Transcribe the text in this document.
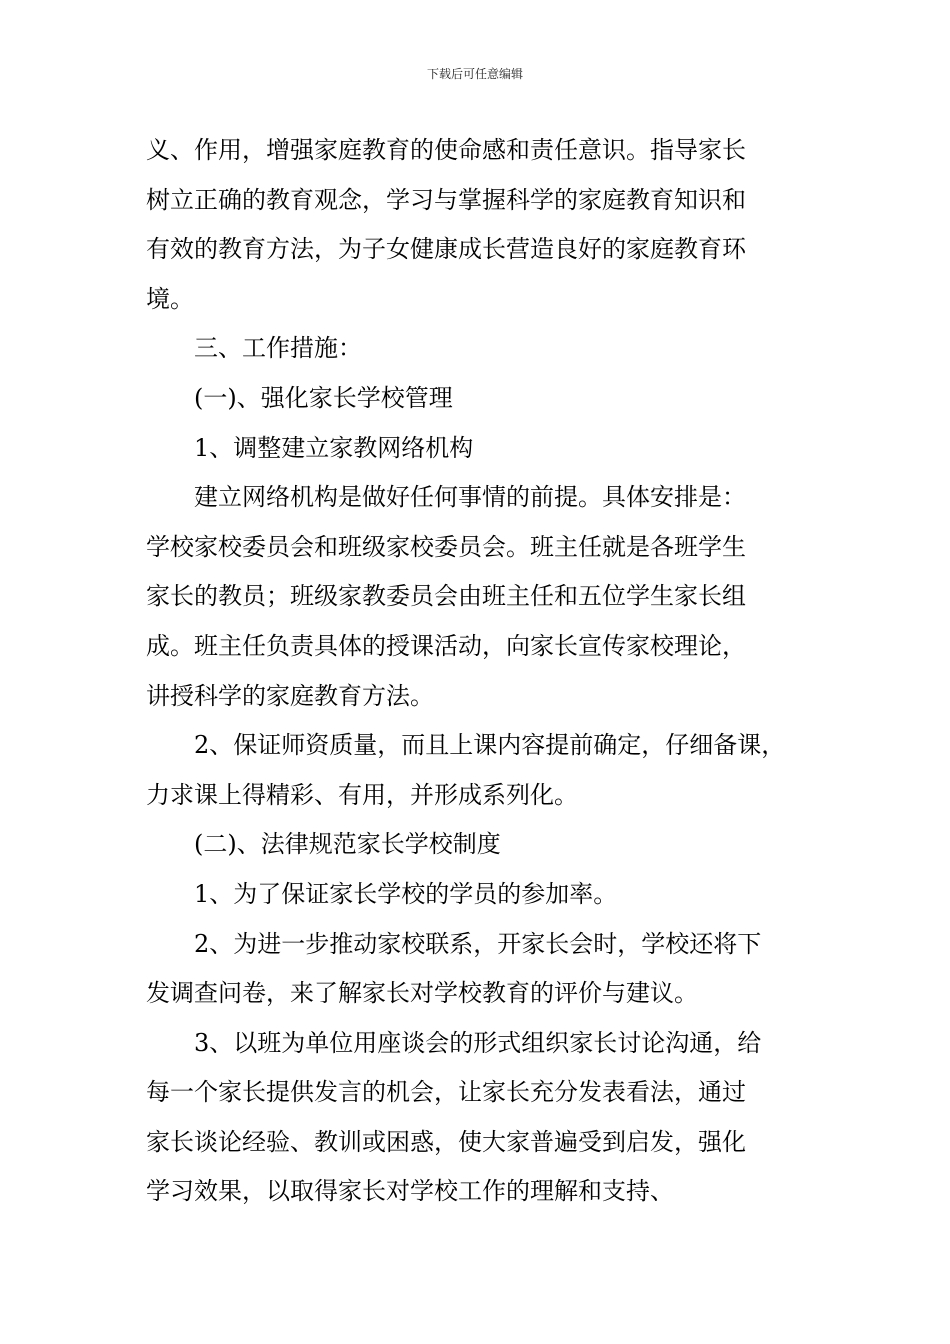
下载后可任意编辑
义、作用，增强家庭教育的使命感和责任意识。指导家长
树立正确的教育观念，学习与掌握科学的家庭教育知识和
有效的教育方法，为子女健康成长营造良好的家庭教育环
境。
三、工作措施：
(一)、强化家长学校管理
1、调整建立家教网络机构
建立网络机构是做好任何事情的前提。具体安排是：
学校家校委员会和班级家校委员会。班主任就是各班学生
家长的教员；班级家教委员会由班主任和五位学生家长组
成。班主任负责具体的授课活动，向家长宣传家校理论，
讲授科学的家庭教育方法。
2、保证师资质量，而且上课内容提前确定，仔细备课，
力求课上得精彩、有用，并形成系列化。
(二)、法律规范家长学校制度
1、为了保证家长学校的学员的参加率。
2、为进一步推动家校联系，开家长会时，学校还将下
发调查问卷，来了解家长对学校教育的评价与建议。
3、以班为单位用座谈会的形式组织家长讨论沟通，给
每一个家长提供发言的机会，让家长充分发表看法，通过
家长谈论经验、教训或困惑，使大家普遍受到启发，强化
学习效果，以取得家长对学校工作的理解和支持、
